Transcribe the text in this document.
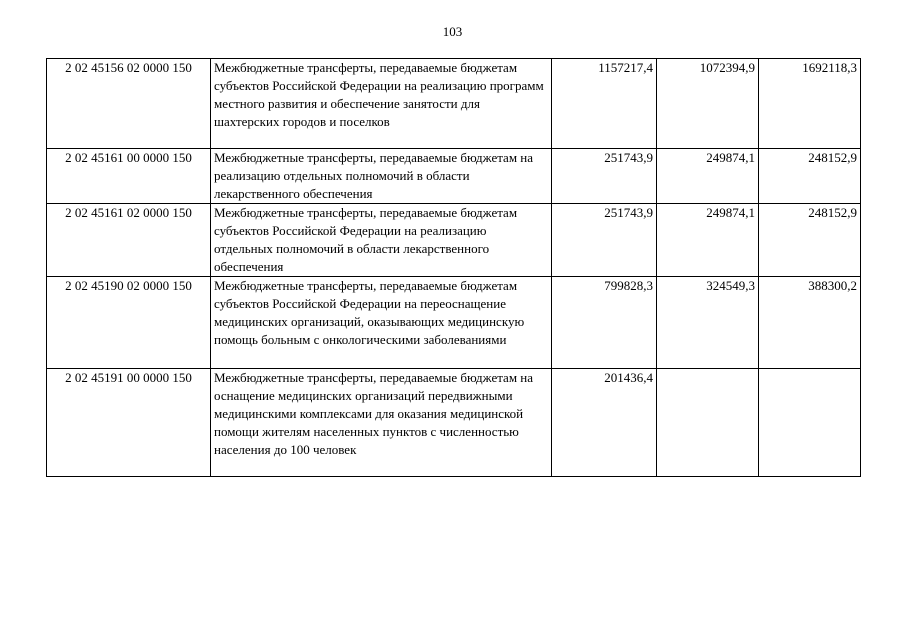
103
2 02 45156 02 0000 150	Межбюджетные трансферты, передаваемые бюджетам субъектов Российской Федерации на реализацию программ местного развития и обеспечение занятости для шахтерских городов и поселков	1157217,4	1072394,9	1692118,3
2 02 45161 00 0000 150	Межбюджетные трансферты, передаваемые бюджетам на реализацию отдельных полномочий в области лекарственного обеспечения	251743,9	249874,1	248152,9
2 02 45161 02 0000 150	Межбюджетные трансферты, передаваемые бюджетам субъектов Российской Федерации на реализацию отдельных полномочий в области лекарственного обеспечения	251743,9	249874,1	248152,9
2 02 45190 02 0000 150	Межбюджетные трансферты, передаваемые бюджетам субъектов Российской Федерации на переоснащение медицинских организаций, оказывающих медицинскую помощь больным с онкологическими заболеваниями	799828,3	324549,3	388300,2
2 02 45191 00 0000 150	Межбюджетные трансферты, передаваемые бюджетам на оснащение медицинских организаций передвижными медицинскими комплексами для оказания медицинской помощи жителям населенных пунктов с численностью населения до 100 человек	201436,4		
